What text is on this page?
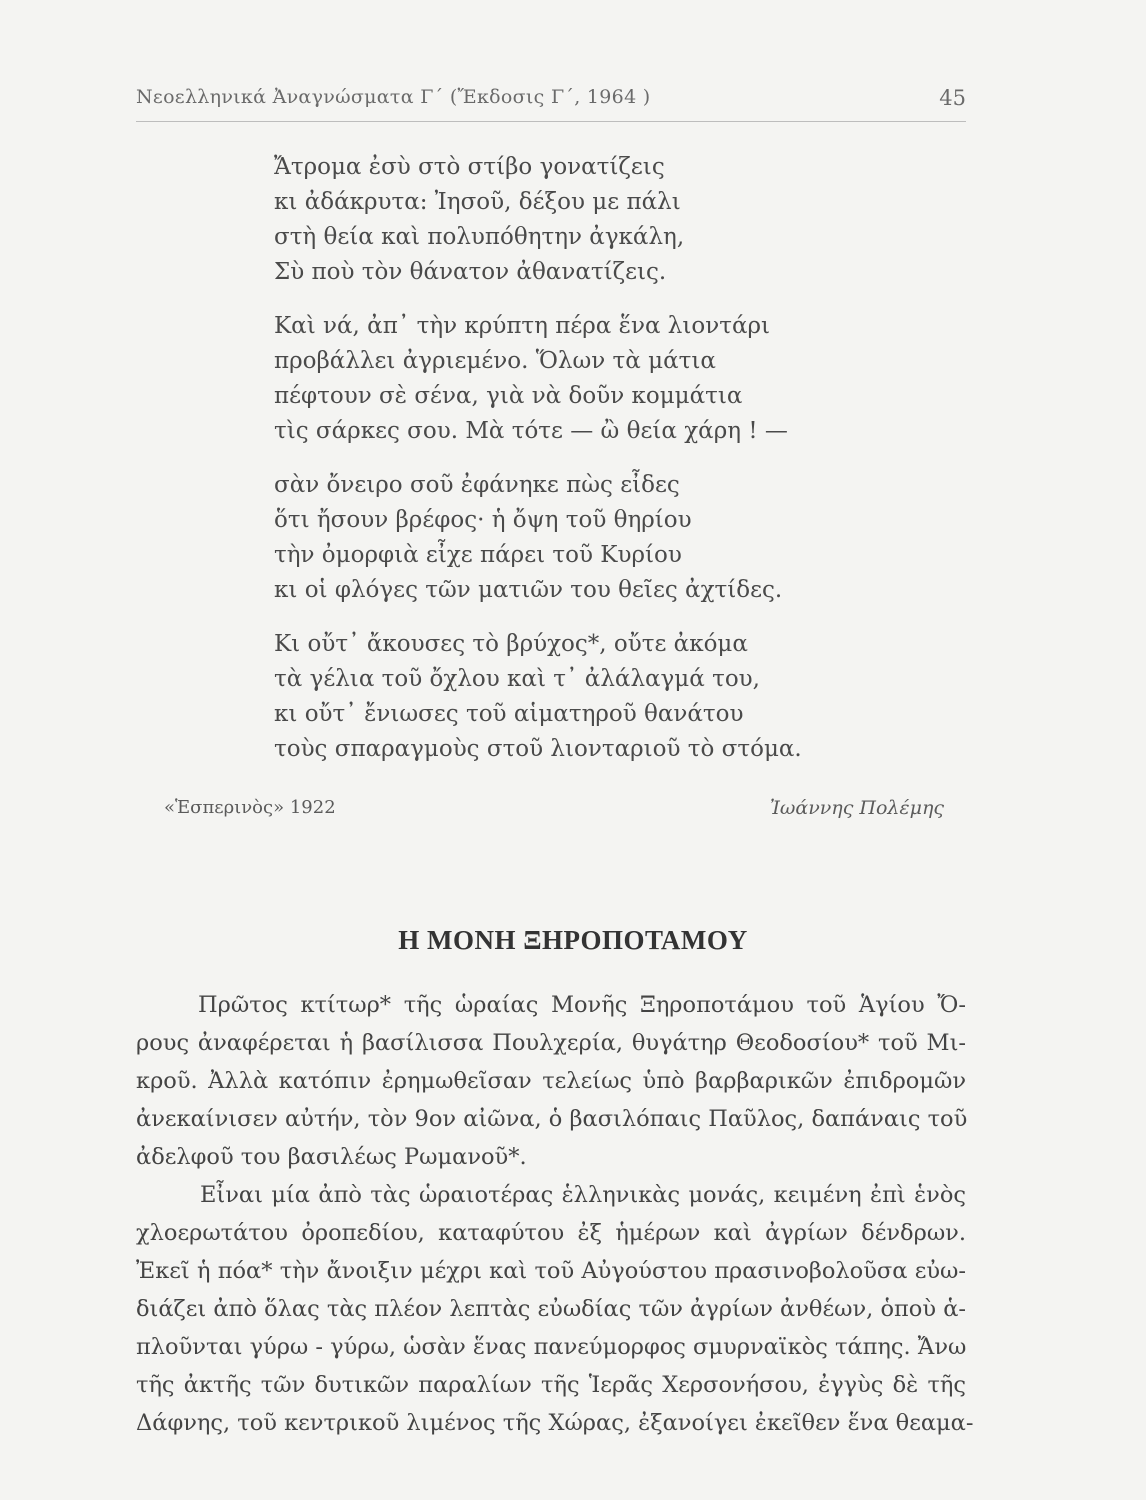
Νεοελληνικά Ἀναγνώσματα Γ΄ (Ἔκδοσις Γ΄, 1964 )	45
Ἄτρομα ἐσὺ στὸ στίβο γονατίζεις
κι ἀδάκρυτα: Ἰησοῦ, δέξου με πάλι
στὴ θεία καὶ πολυπόθητην ἀγκάλη,
Σὺ ποὺ τὸν θάνατον ἀθανατίζεις.
Καὶ νά, ἀπ᾿ τὴν κρύπτη πέρα ἕνα λιοντάρι
προβάλλει ἀγριεμένο. Ὅλων τὰ μάτια
πέφτουν σὲ σένα, γιὰ νὰ δοῦν κομμάτια
τὶς σάρκες σου. Μὰ τότε — ὢ θεία χάρη ! —
σὰν ὄνειρο σοῦ ἐφάνηκε πὼς εἶδες
ὅτι ἤσουν βρέφος· ἡ ὄψη τοῦ θηρίου
τὴν ὀμορφιὰ εἶχε πάρει τοῦ Κυρίου
κι οἱ φλόγες τῶν ματιῶν του θεῖες ἀχτίδες.
Κι οὔτ᾿ ἄκουσες τὸ βρύχος*, οὔτε ἀκόμα
τὰ γέλια τοῦ ὄχλου καὶ τ᾿ ἀλάλαγμά του,
κι οὔτ᾿ ἔνιωσες τοῦ αἱματηροῦ θανάτου
τοὺς σπαραγμοὺς στοῦ λιονταριοῦ τὸ στόμα.
«Ἑσπερινὸς» 1922	Ἰωάννης Πολέμης
Η ΜΟΝΗ ΞΗΡΟΠΟΤΑΜΟΥ
Πρῶτος κτίτωρ* τῆς ὡραίας Μονῆς Ξηροποτάμου τοῦ Ἁγίου Ὄ-
ρους ἀναφέρεται ἡ βασίλισσα Πουλχερία, θυγάτηρ Θεοδοσίου* τοῦ Μι-
κροῦ. Ἀλλὰ κατόπιν ἐρημωθεῖσαν τελείως ὑπὸ βαρβαρικῶν ἐπιδρομῶν
ἀνεκαίνισεν αὐτήν, τὸν 9ον αἰῶνα, ὁ βασιλόπαις Παῦλος, δαπάναις τοῦ
ἀδελφοῦ του βασιλέως Ρωμανοῦ*.
Εἶναι μία ἀπὸ τὰς ὡραιοτέρας ἑλληνικὰς μονάς, κειμένη ἐπὶ ἑνὸς
χλοερωτάτου ὀροπεδίου, καταφύτου ἐξ ἡμέρων καὶ ἀγρίων δένδρων.
Ἐκεῖ ἡ πόα* τὴν ἄνοιξιν μέχρι καὶ τοῦ Αὐγούστου πρασινοβολοῦσα εὐω-
διάζει ἀπὸ ὅλας τὰς πλέον λεπτὰς εὐωδίας τῶν ἀγρίων ἀνθέων, ὁποὺ ἁ-
πλοῦνται γύρω - γύρω, ὡσὰν ἕνας πανεύμορφος σμυρναϊκὸς τάπης. Ἄνω
τῆς ἀκτῆς τῶν δυτικῶν παραλίων τῆς Ἱερᾶς Χερσονήσου, ἐγγὺς δὲ τῆς
Δάφνης, τοῦ κεντρικοῦ λιμένος τῆς Χώρας, ἐξανοίγει ἐκεῖθεν ἕνα θεαμα-
